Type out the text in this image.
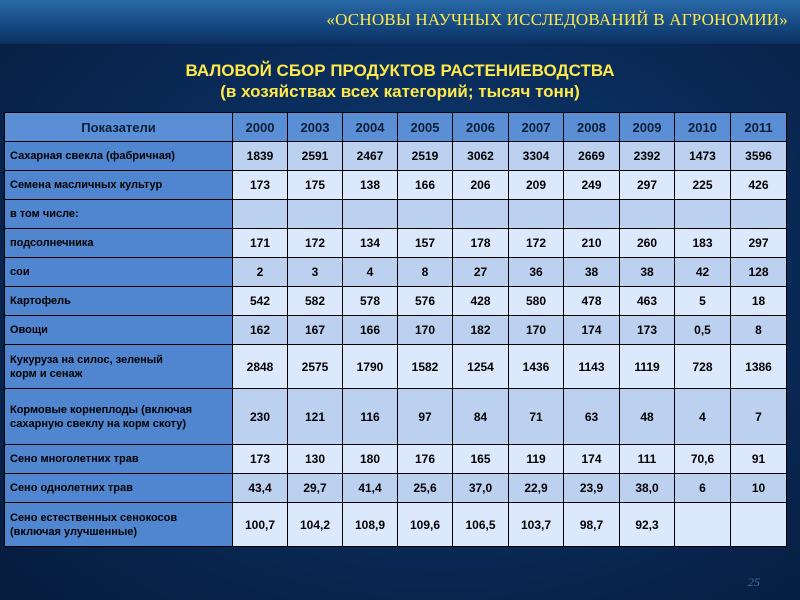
«ОСНОВЫ НАУЧНЫХ ИССЛЕДОВАНИЙ В АГРОНОМИИ»
ВАЛОВОЙ СБОР ПРОДУКТОВ РАСТЕНИЕВОДСТВА
(в хозяйствах всех категорий; тысяч тонн)
Показатели	2000	2003	2004	2005	2006	2007	2008	2009	2010	2011

Сахарная свекла (фабричная)	1839	2591	2467	2519	3062	3304	2669	2392	1473	3596

Семена масличных культур	173	175	138	166	206	209	249	297	225	426

в том числе:										

подсолнечника	171	172	134	157	178	172	210	260	183	297

сои	2	3	4	8	27	36	38	38	42	128

Картофель	542	582	578	576	428	580	478	463	5	18

Овощи	162	167	166	170	182	170	174	173	0,5	8

Кукуруза на силос, зеленый
корм и сенаж	2848	2575	1790	1582	1254	1436	1143	1119	728	1386

Кормовые корнеплоды (включая
сахарную свеклу на корм скоту)	230	121	116	97	84	71	63	48	4	7

Сено многолетних трав	173	130	180	176	165	119	174	111	70,6	91

Сено однолетних трав	43,4	29,7	41,4	25,6	37,0	22,9	23,9	38,0	6	10

Сено естественных сенокосов
(включая улучшенные)	100,7	104,2	108,9	109,6	106,5	103,7	98,7	92,3		
25
